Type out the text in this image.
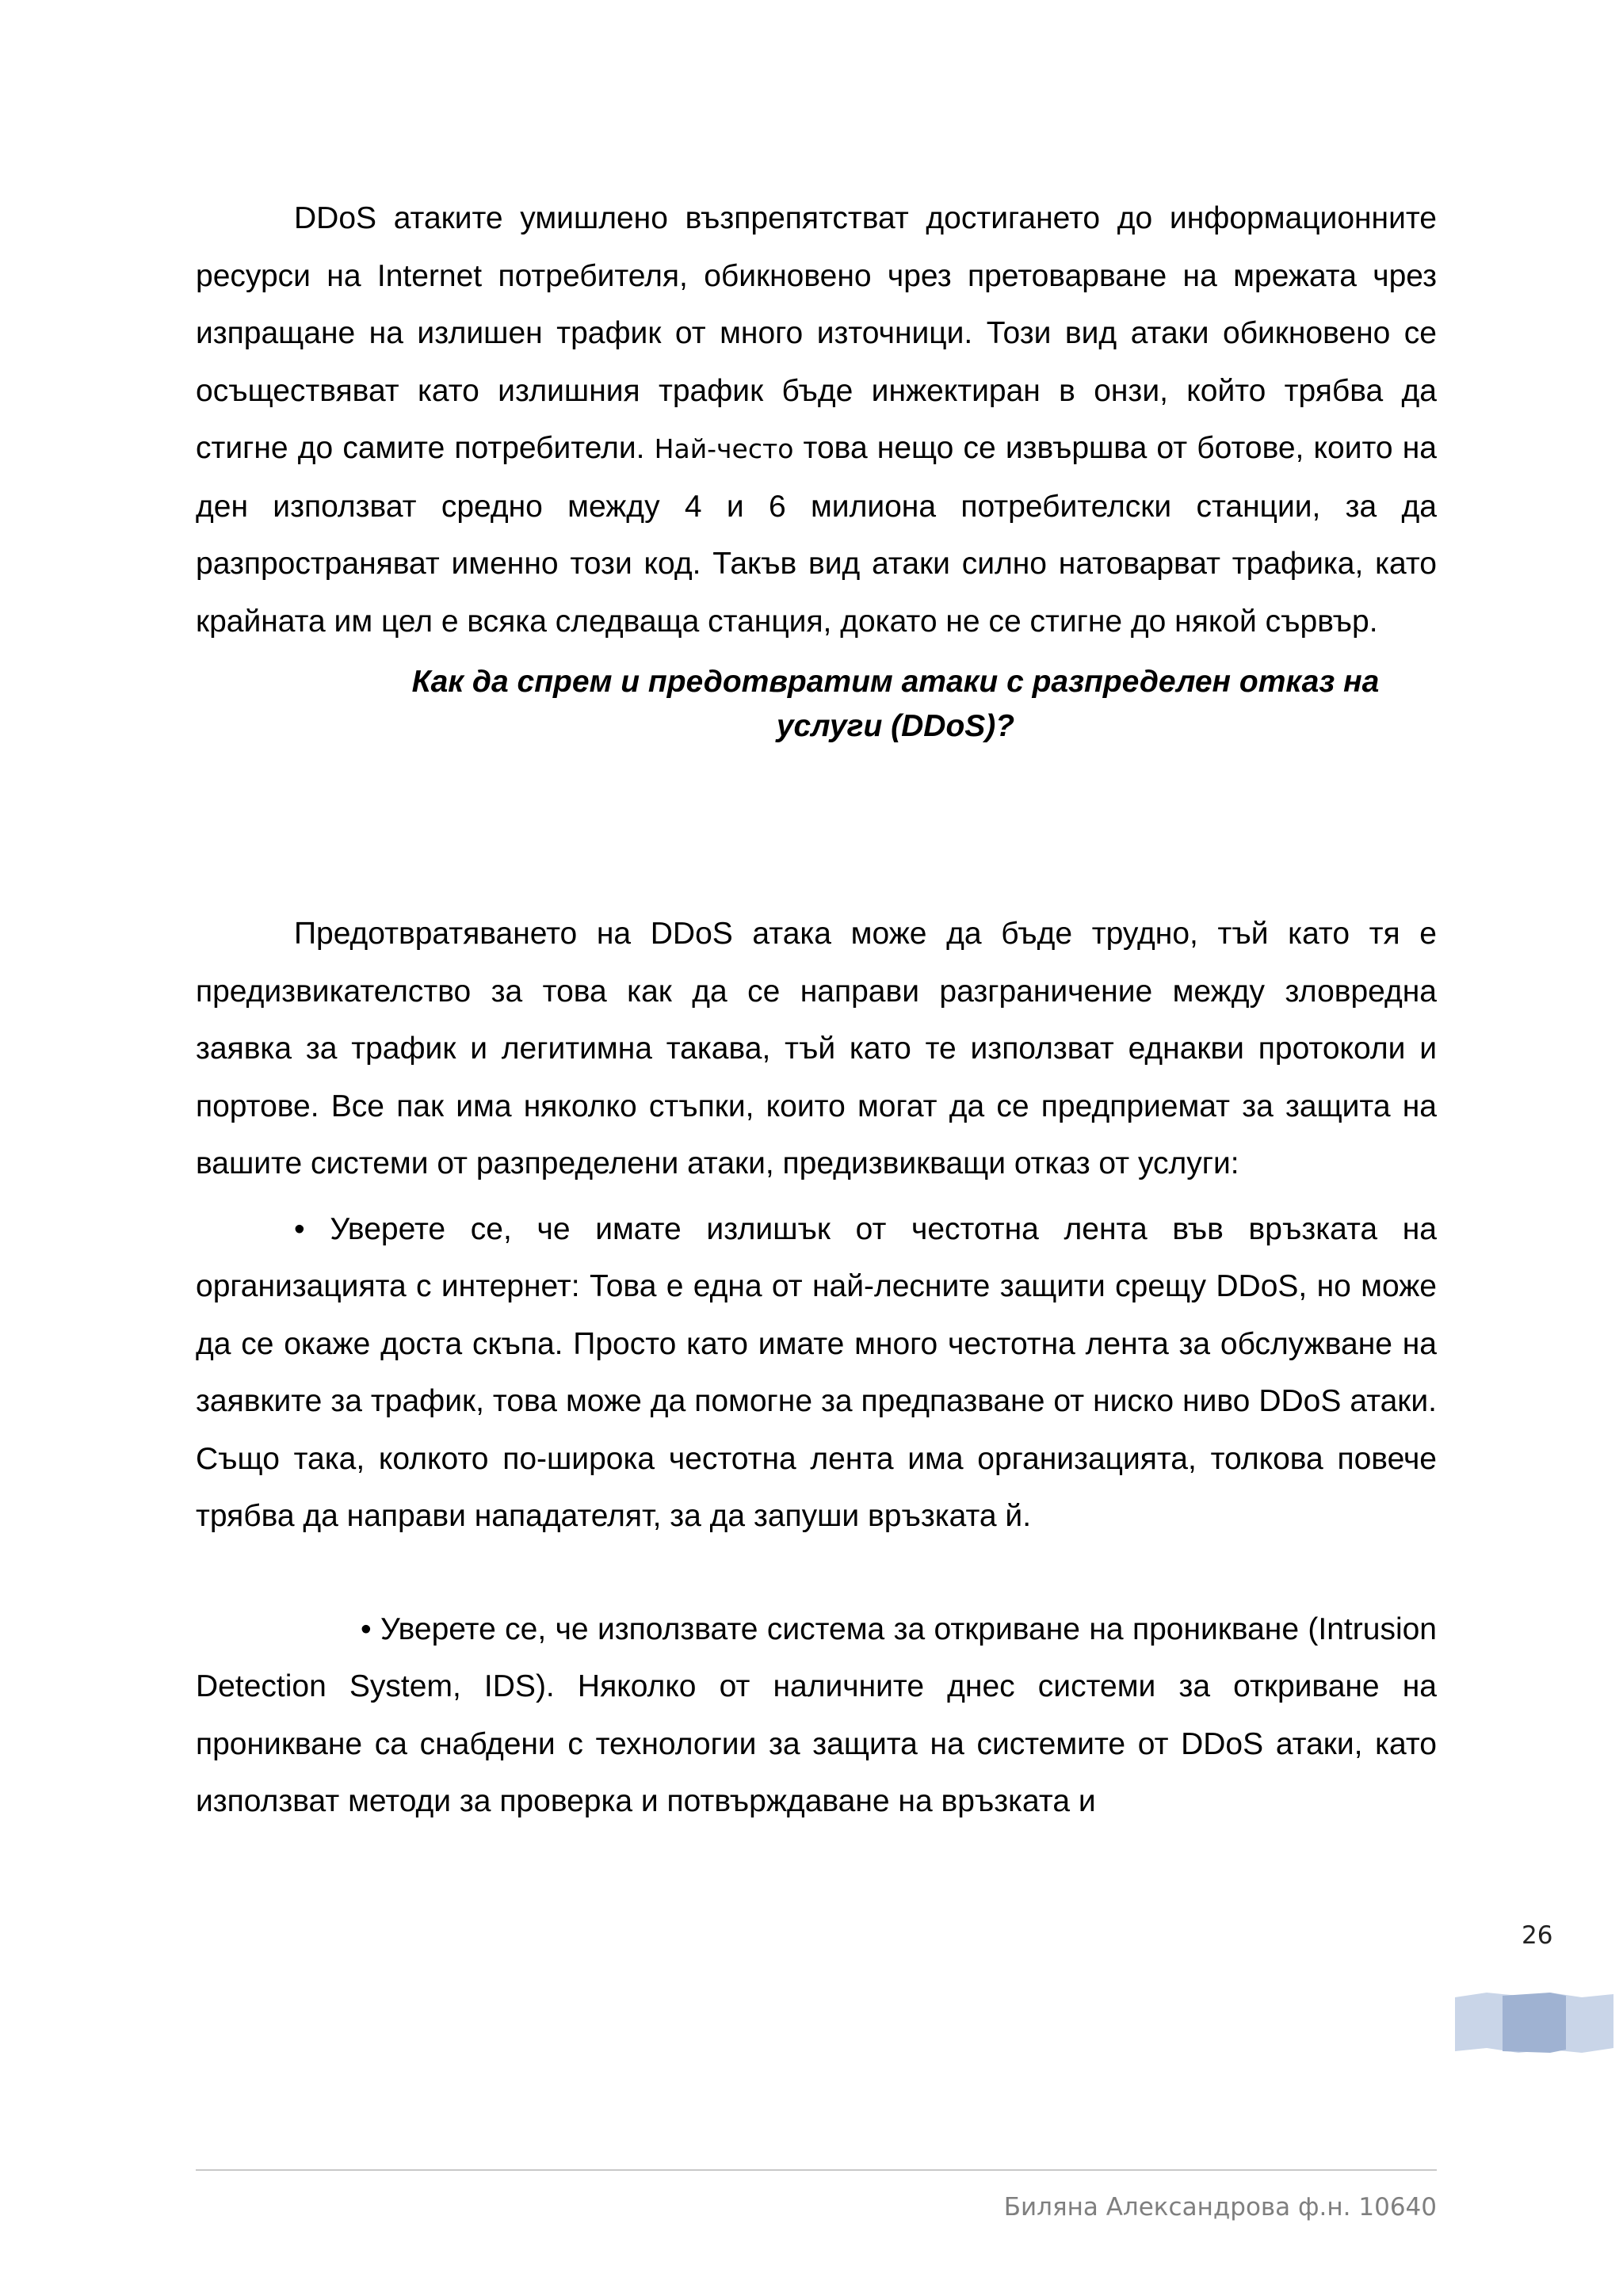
DDoS атаките умишлено възпрепятстват достигането до информационните ресурси на Internet потребителя, обикновено чрез претоварване на мрежата чрез изпращане на излишен трафик от много източници. Този вид атаки обикновено се осъществяват като излишния трафик бъде инжектиран в онзи, който трябва да стигне до самите потребители. Най-често това нещо се извършва от ботове, които на ден използват средно между 4 и 6 милиона потребителски станции, за да разпространяват именно този код. Такъв вид атаки силно натоварват трафика, като крайната им цел е всяка следваща станция, докато не се стигне до някой сървър.

Как да спрем и предотвратим атаки с разпределен отказ на
услуги (DDoS)?

Предотвратяването на DDoS атака може да бъде трудно, тъй като тя е предизвикателство за това как да се направи разграничение между зловредна заявка за трафик и легитимна такава, тъй като те използват еднакви протоколи и портове. Все пак има няколко стъпки, които могат да се предприемат за защита на вашите системи от разпределени атаки, предизвикващи отказ от услуги:

• Уверете се, че имате излишък от честотна лента във връзката на организацията с интернет: Това е една от най-лесните защити срещу DDoS, но може да се окаже доста скъпа. Просто като имате много честотна лента за обслужване на заявките за трафик, това може да помогне за предпазване от ниско ниво DDoS атаки. Също така, колкото по-широка честотна лента има организацията, толкова повече трябва да направи нападателят, за да запуши връзката й.

• Уверете се, че използвате система за откриване на проникване (Intrusion Detection System, IDS). Няколко от наличните днес системи за откриване на проникване са снабдени с технологии за защита на системите от DDoS атаки, като използват методи за проверка и потвърждаване на връзката и

26
Биляна Александрова ф.н. 10640
